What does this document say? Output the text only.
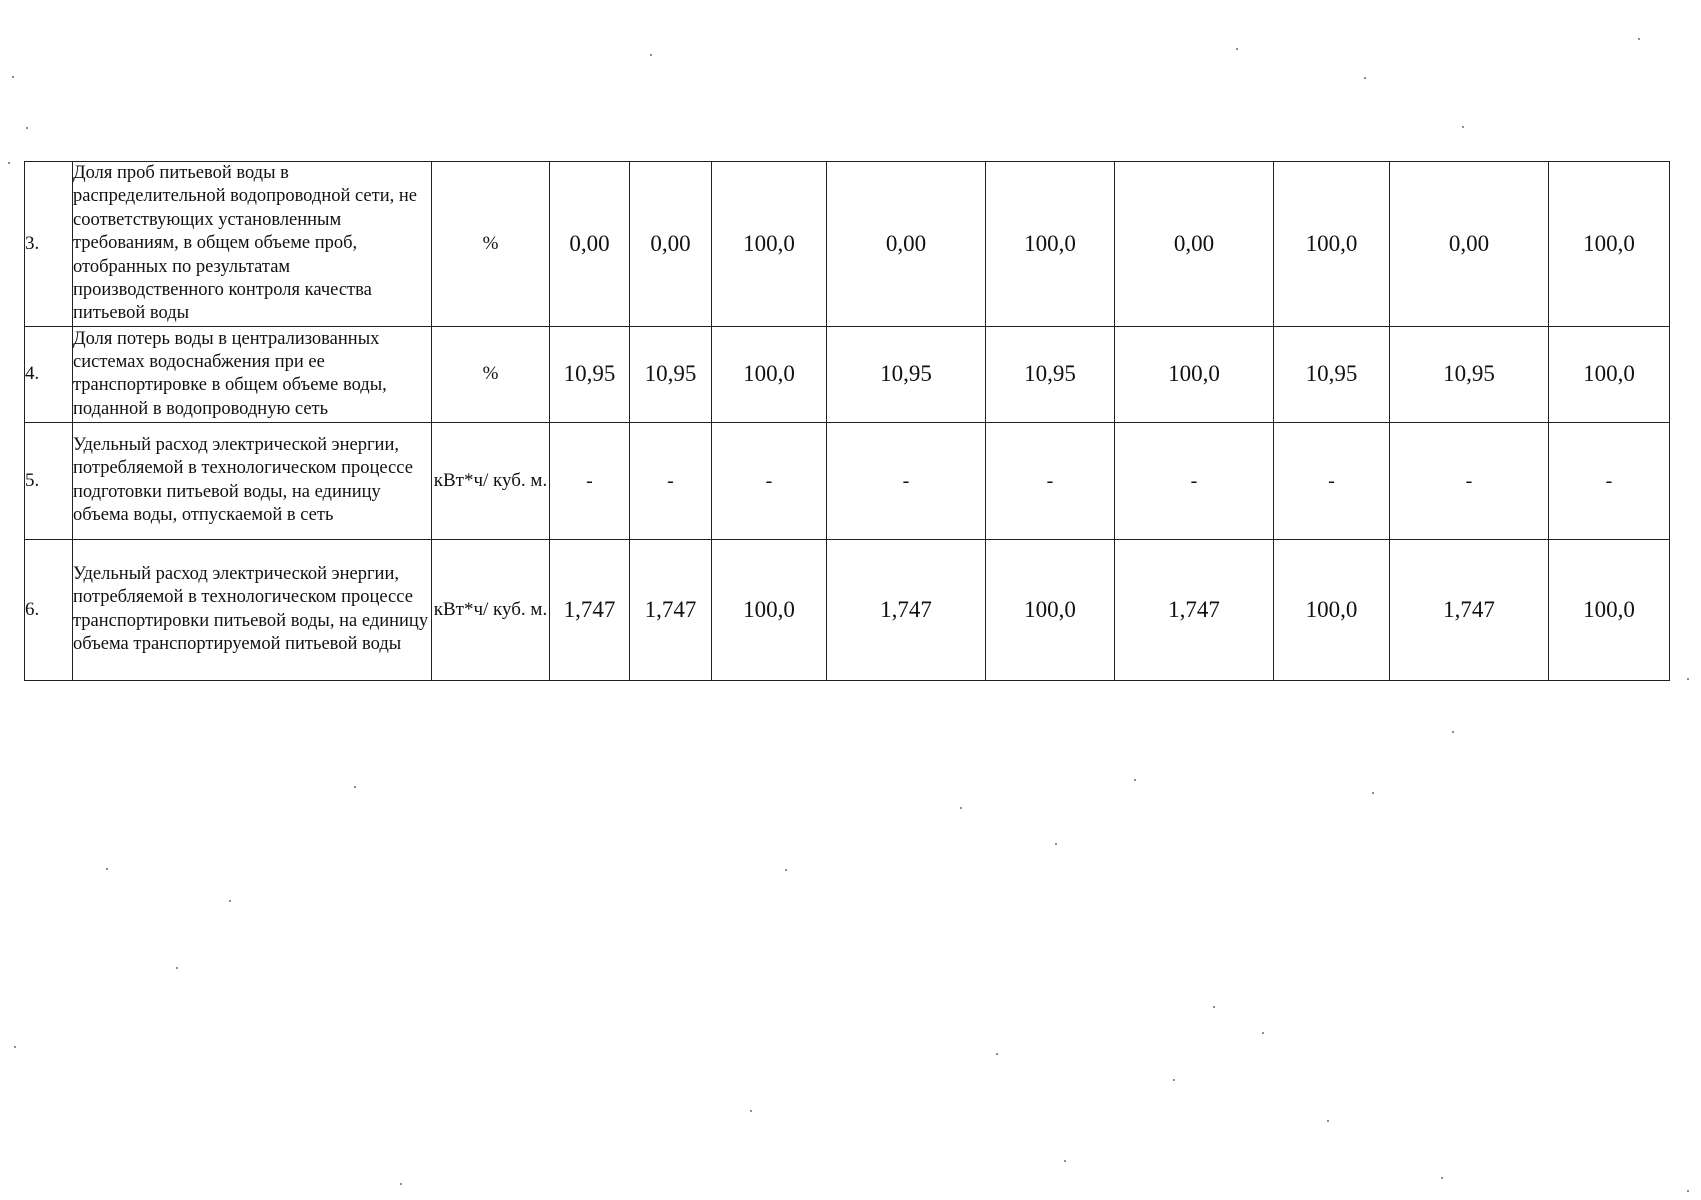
3.	Доля проб питьевой воды в распределительной водопроводной сети, не соответствующих установленным требованиям, в общем объеме проб, отобранных по результатам производственного контроля качества питьевой воды	%	0,00	0,00	100,0	0,00	100,0	0,00	100,0	0,00	100,0
4.	Доля потерь воды в централизованных системах водоснабжения при ее транспортировке в общем объеме воды, поданной в водопроводную сеть	%	10,95	10,95	100,0	10,95	10,95	100,0	10,95	10,95	100,0
5.	Удельный расход электрической энергии, потребляемой в технологическом процессе подготовки питьевой воды, на единицу объема воды, отпускаемой в сеть	кВт*ч/ куб. м.	-	-	-	-	-	-	-	-	-
6.	Удельный расход электрической энергии, потребляемой в технологическом процессе транспортировки питьевой воды, на единицу объема транспортируемой питьевой воды	кВт*ч/ куб. м.	1,747	1,747	100,0	1,747	100,0	1,747	100,0	1,747	100,0
